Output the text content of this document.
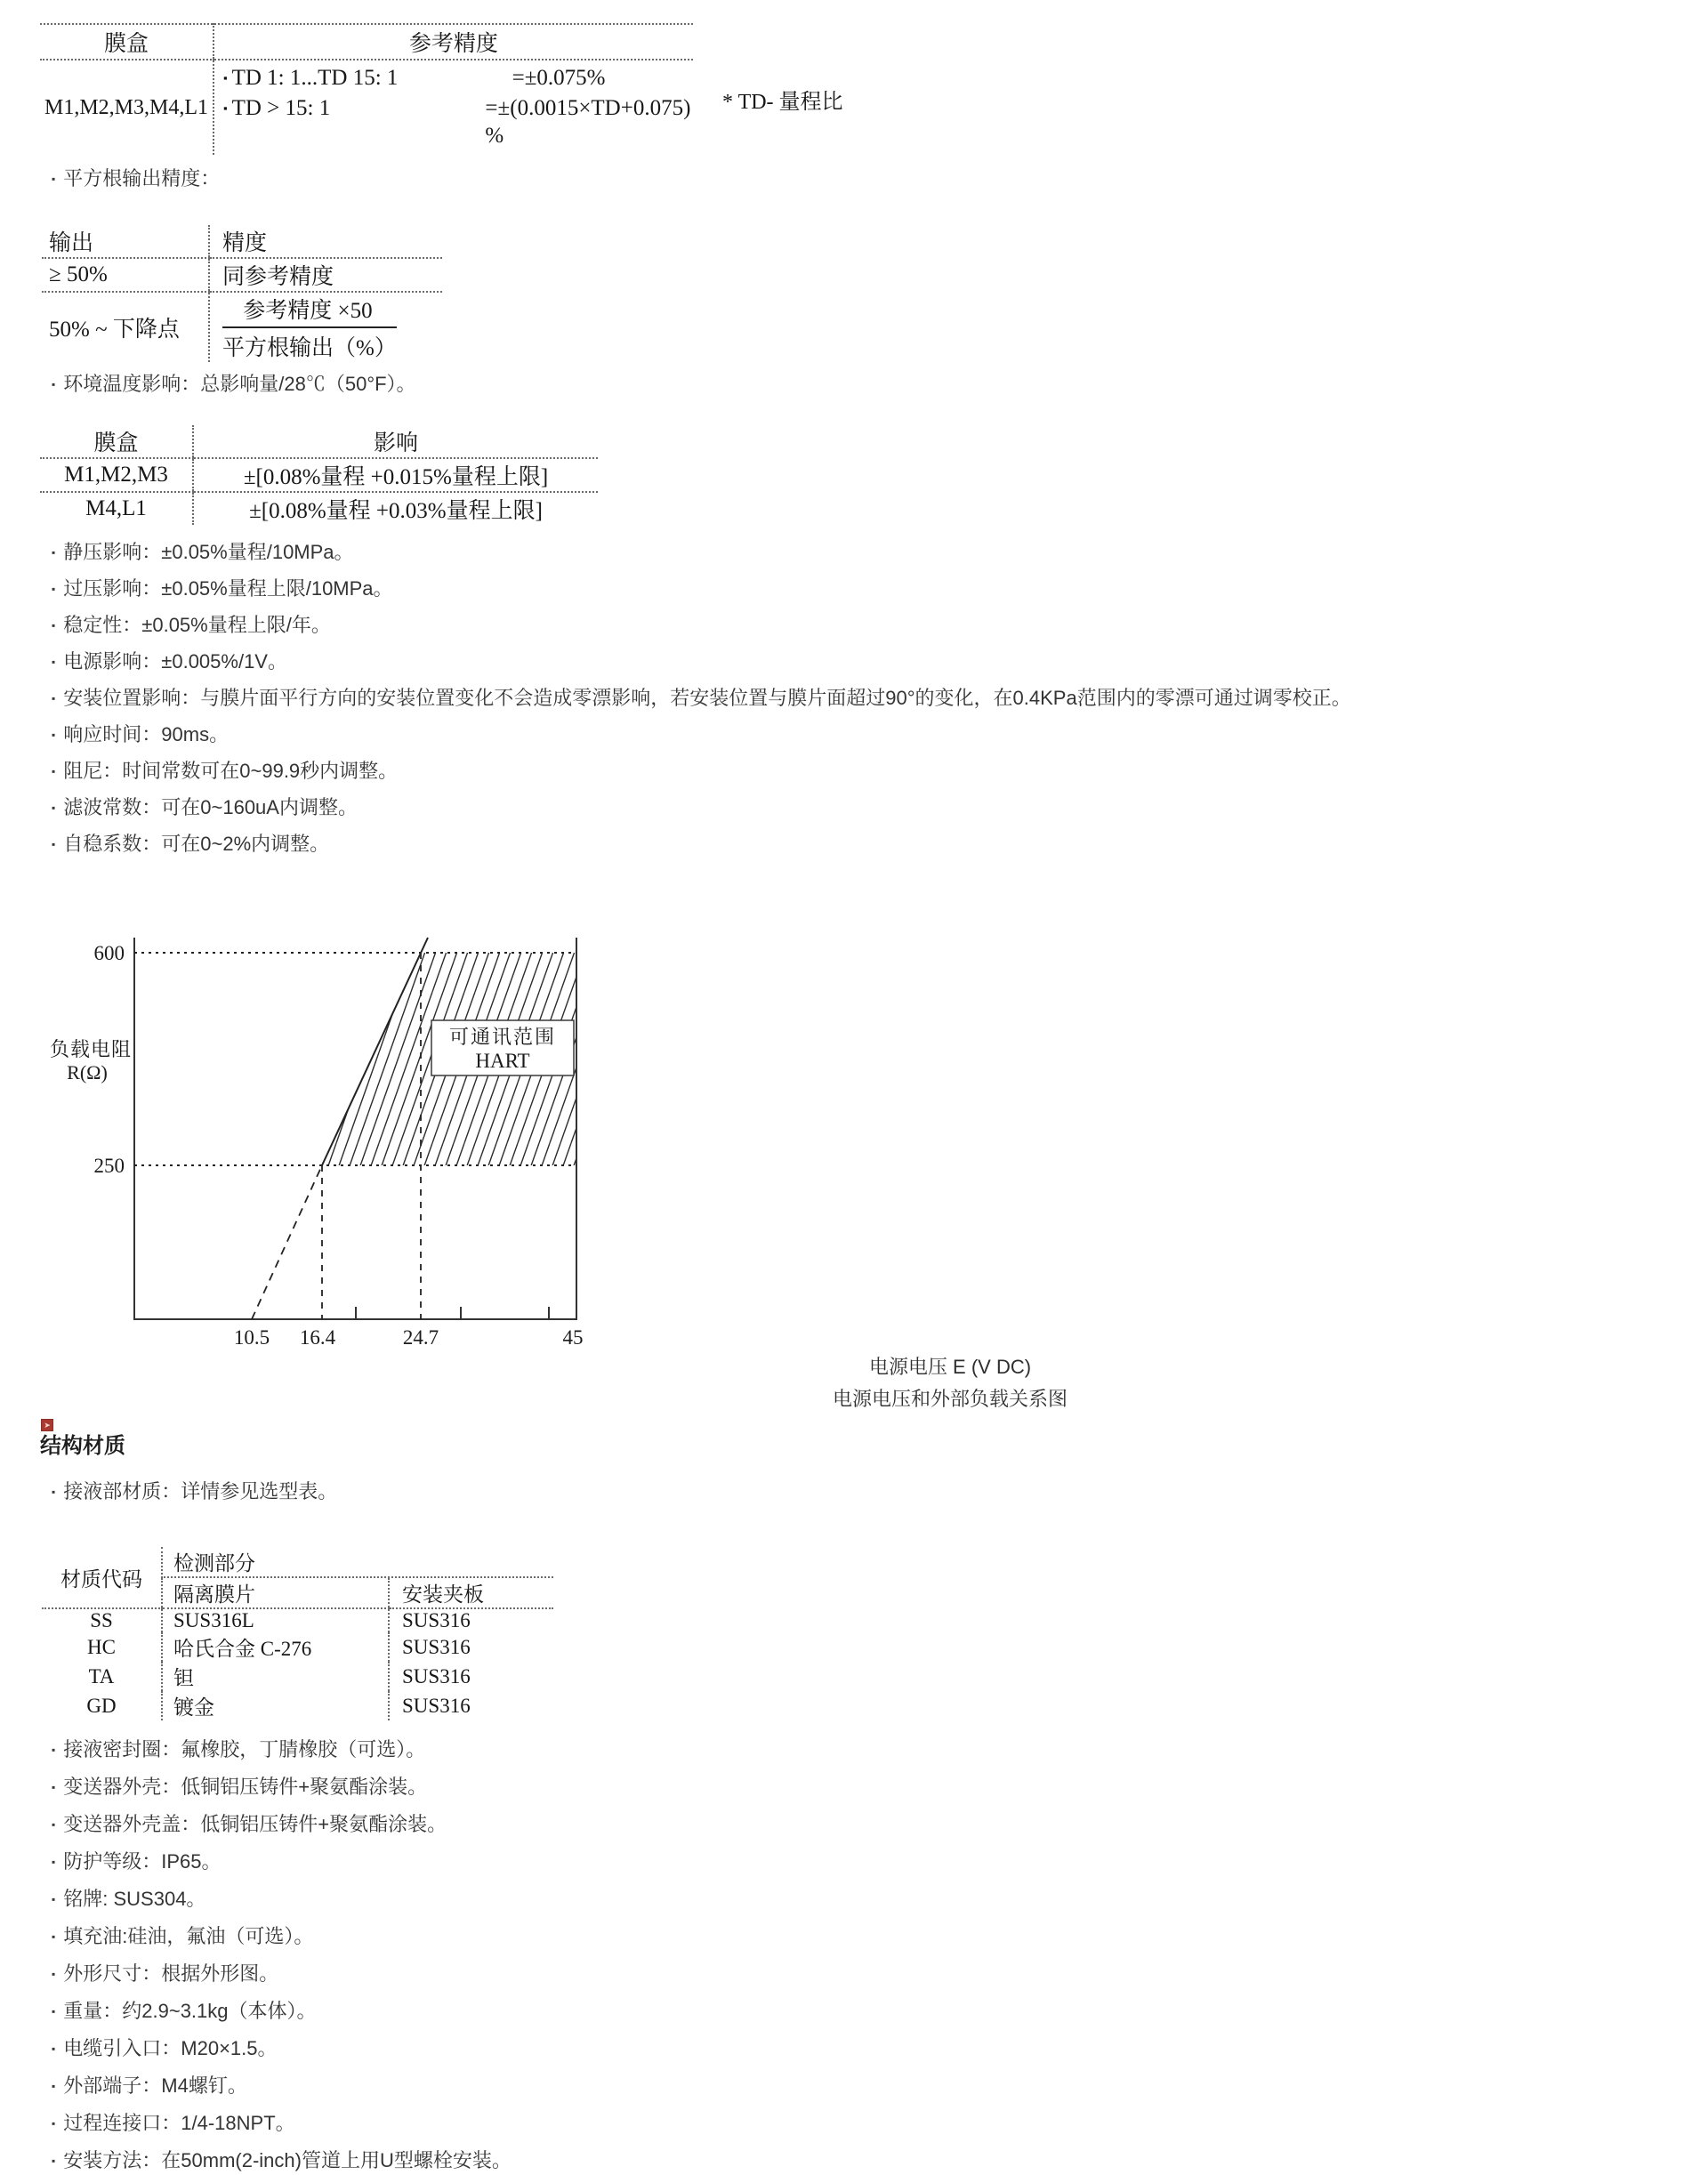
膜盒	参考精度
M1,M2,M3,M4,L1	▪ TD 1: 1...TD 15: 1 =±0.075%
▪ TD > 15: 1 =±(0.0015×TD+0.075) %
* TD- 量程比
▪ 平方根输出精度：
输出	精度
≥ 50%	同参考精度
50% ~ 下降点	$\frac{\text{参考精度 ×50}}{\text{平方根输出（\%）}}$
▪ 环境温度影响：总影响量/28℃（50°F）。
膜盒	影响
M1,M2,M3	±[0.08%量程 +0.015%量程上限]
M4,L1	±[0.08%量程 +0.03%量程上限]
▪ 静压影响：±0.05%量程/10MPa。
▪ 过压影响：±0.05%量程上限/10MPa。
▪ 稳定性：±0.05%量程上限/年。
▪ 电源影响：±0.005%/1V。
▪ 安装位置影响：与膜片面平行方向的安装位置变化不会造成零漂影响，若安装位置与膜片面超过90°的变化，在0.4KPa范围内的零漂可通过调零校正。
▪ 响应时间：90ms。
▪ 阻尼：时间常数可在0~99.9秒内调整。
▪ 滤波常数：可在0~160uA内调整。
▪ 自稳系数：可在0~2%内调整。
可通讯范围
HART
600
250
负载电阻
R(Ω)
10.5 16.4	24.7	45
电源电压 E (V DC)
电源电压和外部负载关系图
➤
结构材质
▪ 接液部材质：详情参见选型表。
材质代码	检测部分	
	隔离膜片	安装夹板
SS	SUS316L	SUS316
HC	哈氏合金 C-276	SUS316
TA	钽	SUS316
GD	镀金	SUS316
▪ 接液密封圈：氟橡胶，丁腈橡胶（可选）。
▪ 变送器外壳：低铜铝压铸件+聚氨酯涂装。
▪ 变送器外壳盖：低铜铝压铸件+聚氨酯涂装。
▪ 防护等级：IP65。
▪ 铭牌: SUS304。
▪ 填充油:硅油，氟油（可选）。
▪ 外形尺寸：根据外形图。
▪ 重量：约2.9~3.1kg（本体）。
▪ 电缆引入口：M20×1.5。
▪ 外部端子：M4螺钉。
▪ 过程连接口：1/4-18NPT。
▪ 安装方法：在50mm(2-inch)管道上用U型螺栓安装。
